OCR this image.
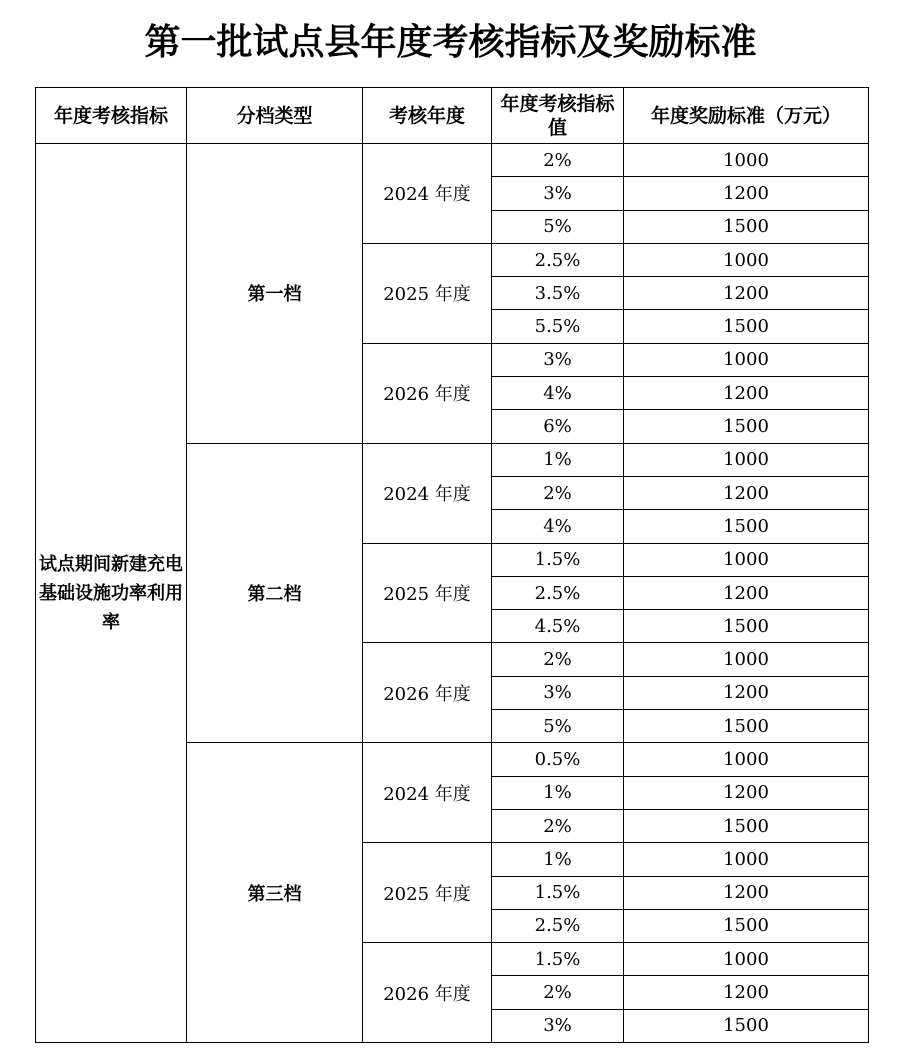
第一批试点县年度考核指标及奖励标准
年度考核指标	分档类型	考核年度	年度考核指标值	年度奖励标准（万元）
试点期间新建充电基础设施功率利用率	第一档	2024 年度	2%	1000
			3%	1200
			5%	1500
		2025 年度	2.5%	1000
			3.5%	1200
			5.5%	1500
		2026 年度	3%	1000
			4%	1200
			6%	1500
	第二档	2024 年度	1%	1000
			2%	1200
			4%	1500
		2025 年度	1.5%	1000
			2.5%	1200
			4.5%	1500
		2026 年度	2%	1000
			3%	1200
			5%	1500
	第三档	2024 年度	0.5%	1000
			1%	1200
			2%	1500
		2025 年度	1%	1000
			1.5%	1200
			2.5%	1500
		2026 年度	1.5%	1000
			2%	1200
			3%	1500
